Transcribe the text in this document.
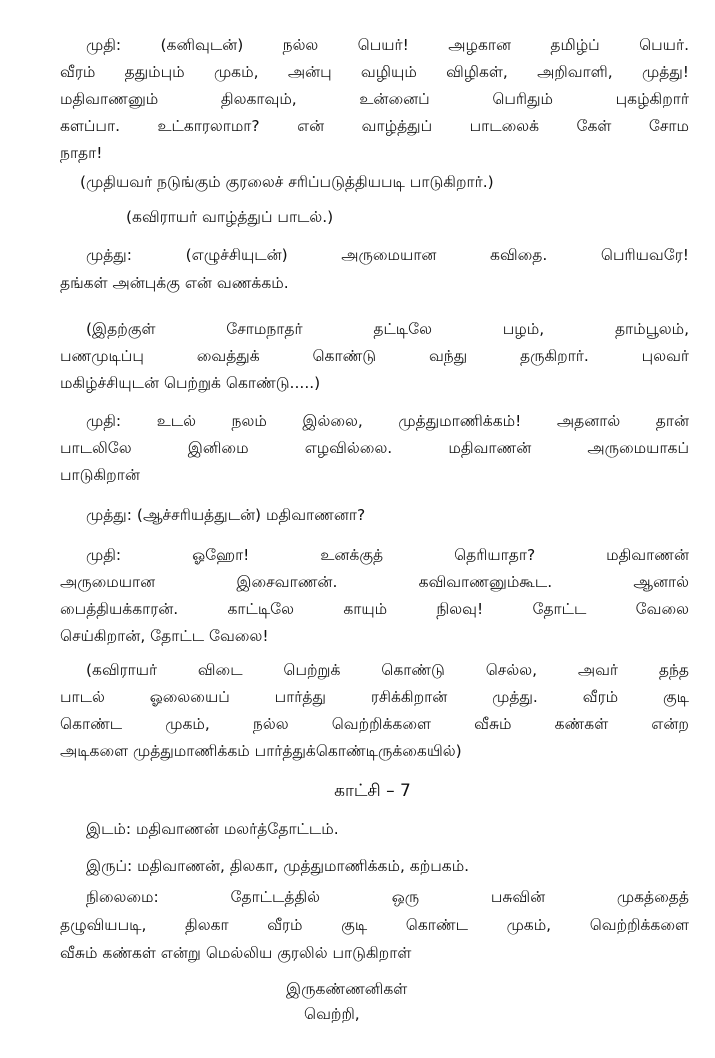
முதி: (கனிவுடன்) நல்ல பெயர்! அழகான தமிழ்ப் பெயர்.
வீரம் ததும்பும் முகம், அன்பு வழியும் விழிகள், அறிவாளி, முத்து!
மதிவாணனும் திலகாவும், உன்னைப் பெரிதும் புகழ்கிறார்
களப்பா. உட்காரலாமா? என் வாழ்த்துப் பாடலைக் கேள் சோம
நாதா!
(முதியவர் நடுங்கும் குரலைச் சரிப்படுத்தியபடி பாடுகிறார்.)
(கவிராயர் வாழ்த்துப் பாடல்.)
முத்து: (எழுச்சியுடன்) அருமையான கவிதை. பெரியவரே!
தங்கள் அன்புக்கு என் வணக்கம்.
(இதற்குள் சோமநாதர் தட்டிலே பழம், தாம்பூலம்,
பணமுடிப்பு வைத்துக் கொண்டு வந்து தருகிறார். புலவர்
மகிழ்ச்சியுடன் பெற்றுக் கொண்டு.....)
முதி: உடல் நலம் இல்லை, முத்துமாணிக்கம்! அதனால் தான்
பாடலிலே இனிமை எழவில்லை. மதிவாணன் அருமையாகப்
பாடுகிறான்
முத்து: (ஆச்சரியத்துடன்) மதிவாணனா?
முதி: ஓஹோ! உனக்குத் தெரியாதா? மதிவாணன்
அருமையான இசைவாணன். கவிவாணனும்கூட. ஆனால்
பைத்தியக்காரன். காட்டிலே காயும் நிலவு! தோட்ட வேலை
செய்கிறான், தோட்ட வேலை!
(கவிராயர் விடை பெற்றுக் கொண்டு செல்ல, அவர் தந்த
பாடல் ஓலையைப் பார்த்து ரசிக்கிறான் முத்து. வீரம் குடி
கொண்ட முகம், நல்ல வெற்றிக்களை வீசும் கண்கள் என்ற
அடிகளை முத்துமாணிக்கம் பார்த்துக்கொண்டிருக்கையில்)
காட்சி – 7
இடம்: மதிவாணன் மலர்த்தோட்டம்.
இருப்: மதிவாணன், திலகா, முத்துமாணிக்கம், கற்பகம்.
நிலைமை: தோட்டத்தில் ஒரு பசுவின் முகத்தைத்
தழுவியபடி, திலகா வீரம் குடி கொண்ட முகம், வெற்றிக்களை
வீசும் கண்கள் என்று மெல்லிய குரலில் பாடுகிறாள்
இருகண்ணனிகள்
வெற்றி,
